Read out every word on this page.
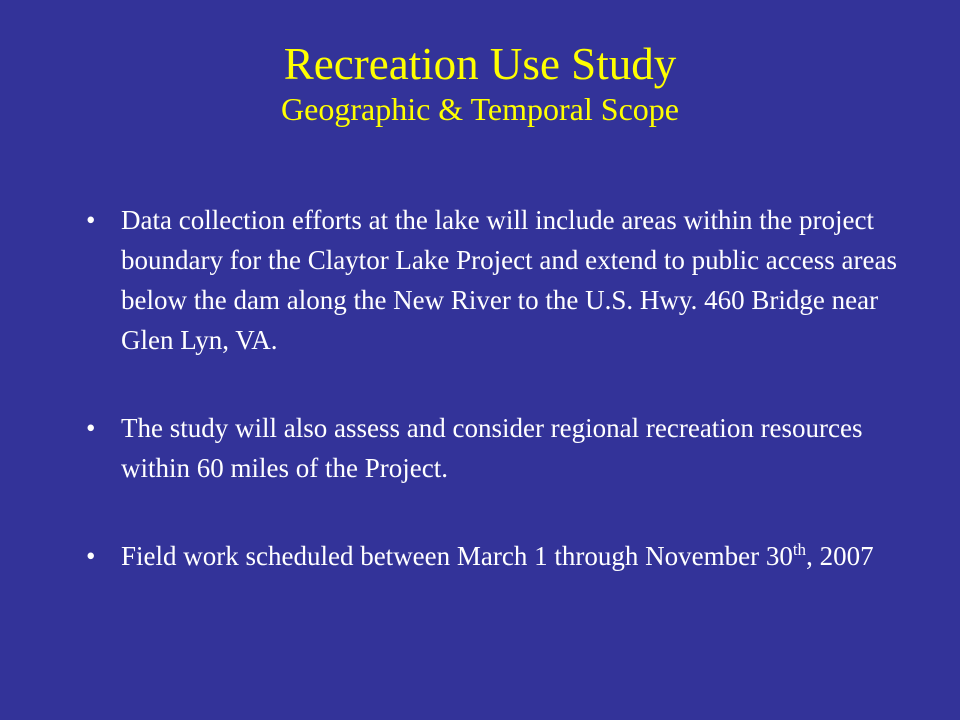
Recreation Use Study
Geographic & Temporal Scope
• Data collection efforts at the lake will include areas within the project boundary for the Claytor Lake Project and extend to public access areas below the dam along the New River to the U.S. Hwy. 460 Bridge near Glen Lyn, VA.
• The study will also assess and consider regional recreation resources within 60 miles of the Project.
• Field work scheduled between March 1 through November 30th, 2007
